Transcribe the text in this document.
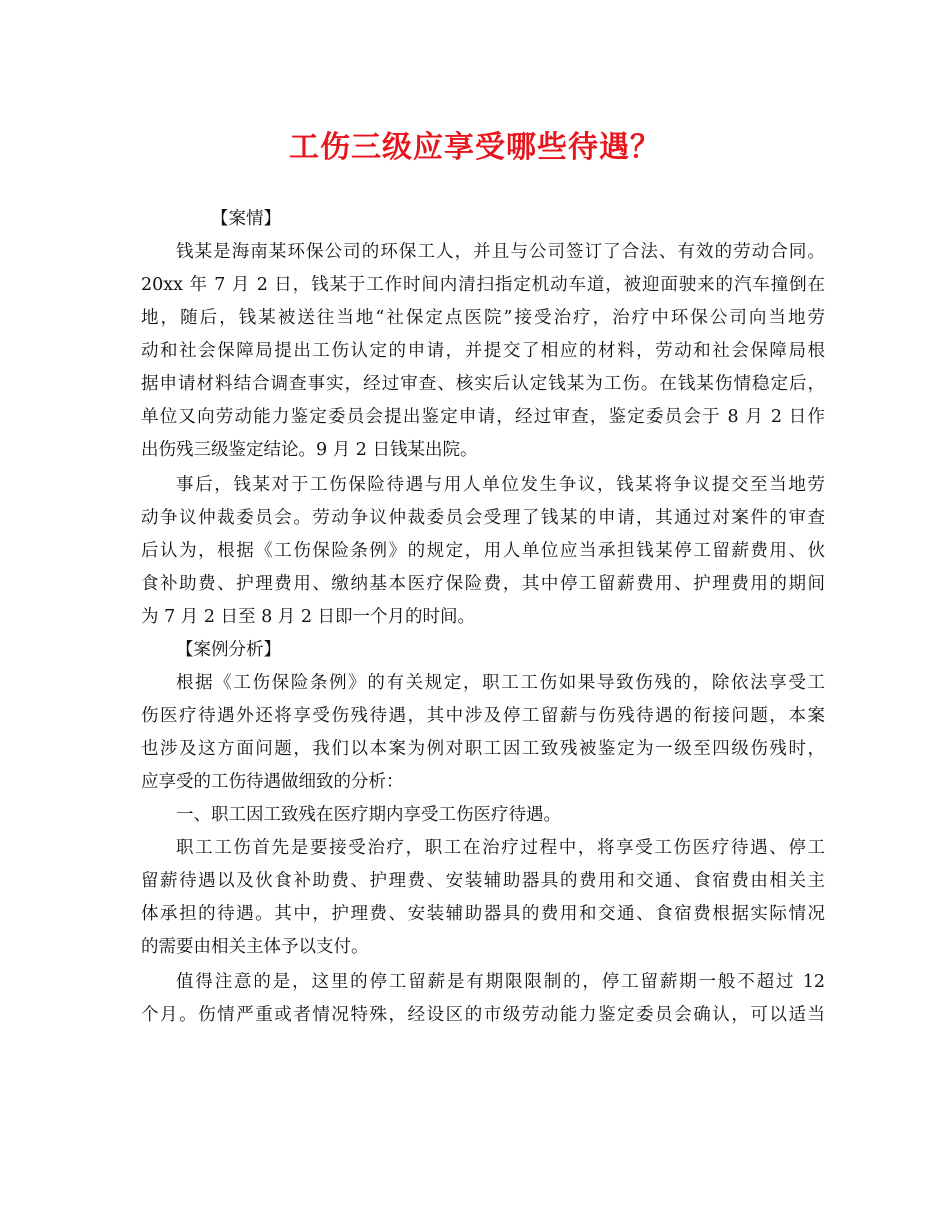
工伤三级应享受哪些待遇？
【案情】
钱某是海南某环保公司的环保工人，并且与公司签订了合法、有效的劳动合同。
20xx 年 7 月 2 日，钱某于工作时间内清扫指定机动车道，被迎面驶来的汽车撞倒在
地，随后，钱某被送往当地“社保定点医院”接受治疗，治疗中环保公司向当地劳
动和社会保障局提出工伤认定的申请，并提交了相应的材料，劳动和社会保障局根
据申请材料结合调查事实，经过审查、核实后认定钱某为工伤。在钱某伤情稳定后，
单位又向劳动能力鉴定委员会提出鉴定申请，经过审查，鉴定委员会于 8 月 2 日作
出伤残三级鉴定结论。9 月 2 日钱某出院。
事后，钱某对于工伤保险待遇与用人单位发生争议，钱某将争议提交至当地劳
动争议仲裁委员会。劳动争议仲裁委员会受理了钱某的申请，其通过对案件的审查
后认为，根据《工伤保险条例》的规定，用人单位应当承担钱某停工留薪费用、伙
食补助费、护理费用、缴纳基本医疗保险费，其中停工留薪费用、护理费用的期间
为 7 月 2 日至 8 月 2 日即一个月的时间。
【案例分析】
根据《工伤保险条例》的有关规定，职工工伤如果导致伤残的，除依法享受工
伤医疗待遇外还将享受伤残待遇，其中涉及停工留薪与伤残待遇的衔接问题，本案
也涉及这方面问题，我们以本案为例对职工因工致残被鉴定为一级至四级伤残时，
应享受的工伤待遇做细致的分析：
一、职工因工致残在医疗期内享受工伤医疗待遇。
职工工伤首先是要接受治疗，职工在治疗过程中，将享受工伤医疗待遇、停工
留薪待遇以及伙食补助费、护理费、安装辅助器具的费用和交通、食宿费由相关主
体承担的待遇。其中，护理费、安装辅助器具的费用和交通、食宿费根据实际情况
的需要由相关主体予以支付。
值得注意的是，这里的停工留薪是有期限限制的，停工留薪期一般不超过 12
个月。伤情严重或者情况特殊，经设区的市级劳动能力鉴定委员会确认，可以适当
